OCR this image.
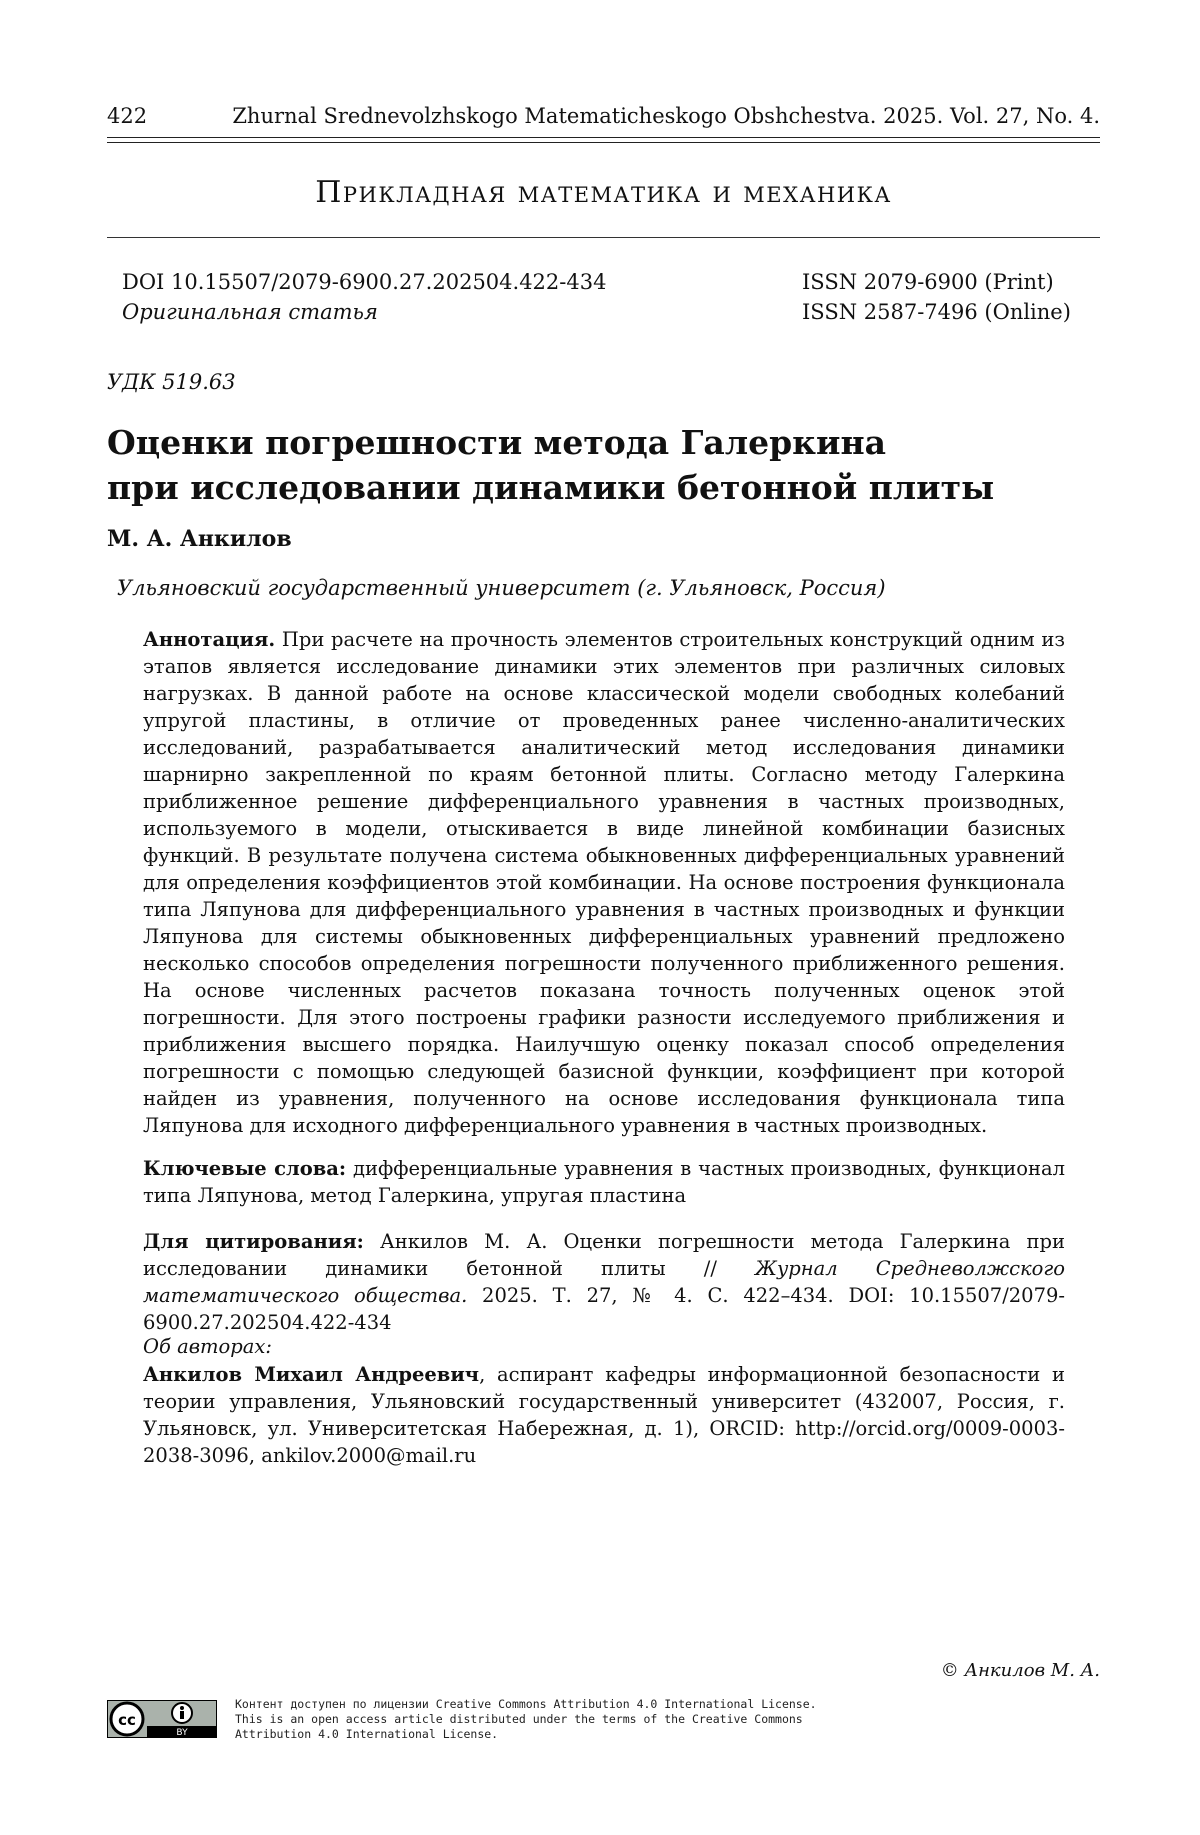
422	Zhurnal Srednevolzhskogo Matematicheskogo Obshchestva. 2025. Vol. 27, No. 4.
Прикладная математика и механика
DOI 10.15507/2079-6900.27.202504.422-434
Оригинальная статья
ISSN 2079-6900 (Print)
ISSN 2587-7496 (Online)
УДК 519.63
Оценки погрешности метода Галеркина
при исследовании динамики бетонной плиты
М. А. Анкилов
Ульяновский государственный университет (г. Ульяновск, Россия)
Аннотация. При расчете на прочность элементов строительных конструкций одним из этапов является исследование динамики этих элементов при различных силовых нагрузках. В данной работе на основе классической модели свободных колебаний упругой пластины, в отличие от проведенных ранее численно-аналитических исследований, разрабатывается аналитический метод исследования динамики шарнирно закрепленной по краям бетонной плиты. Согласно методу Галеркина приближенное решение дифференциального уравнения в частных производных, используемого в модели, отыскивается в виде линейной комбинации базисных функций. В результате получена система обыкновенных дифференциальных уравнений для определения коэффициентов этой комбинации. На основе построения функционала типа Ляпунова для дифференциального уравнения в частных производных и функции Ляпунова для системы обыкновенных дифференциальных уравнений предложено несколько способов определения погрешности полученного приближенного решения. На основе численных расчетов показана точность полученных оценок этой погрешности. Для этого построены графики разности исследуемого приближения и приближения высшего порядка. Наилучшую оценку показал способ определения погрешности с помощью следующей базисной функции, коэффициент при которой найден из уравнения, полученного на основе исследования функционала типа Ляпунова для исходного дифференциального уравнения в частных производных.
Ключевые слова: дифференциальные уравнения в частных производных, функционал типа Ляпунова, метод Галеркина, упругая пластина
Для цитирования: Анкилов М. А. Оценки погрешности метода Галеркина при исследовании динамики бетонной плиты // Журнал Средневолжского математического общества. 2025. Т. 27, № 4. С. 422–434. DOI: 10.15507/2079-6900.27.202504.422-434
Об авторах:
Анкилов Михаил Андреевич, аспирант кафедры информационной безопасности и теории управления, Ульяновский государственный университет (432007, Россия, г. Ульяновск, ул. Университетская Набережная, д. 1), ORCID: http://orcid.org/0009-0003-2038-3096, ankilov.2000@mail.ru
© Анкилов М. А.
cc
BY
Контент доступен по лицензии Creative Commons Attribution 4.0 International License.
This is an open access article distributed under the terms of the Creative Commons
Attribution 4.0 International License.
